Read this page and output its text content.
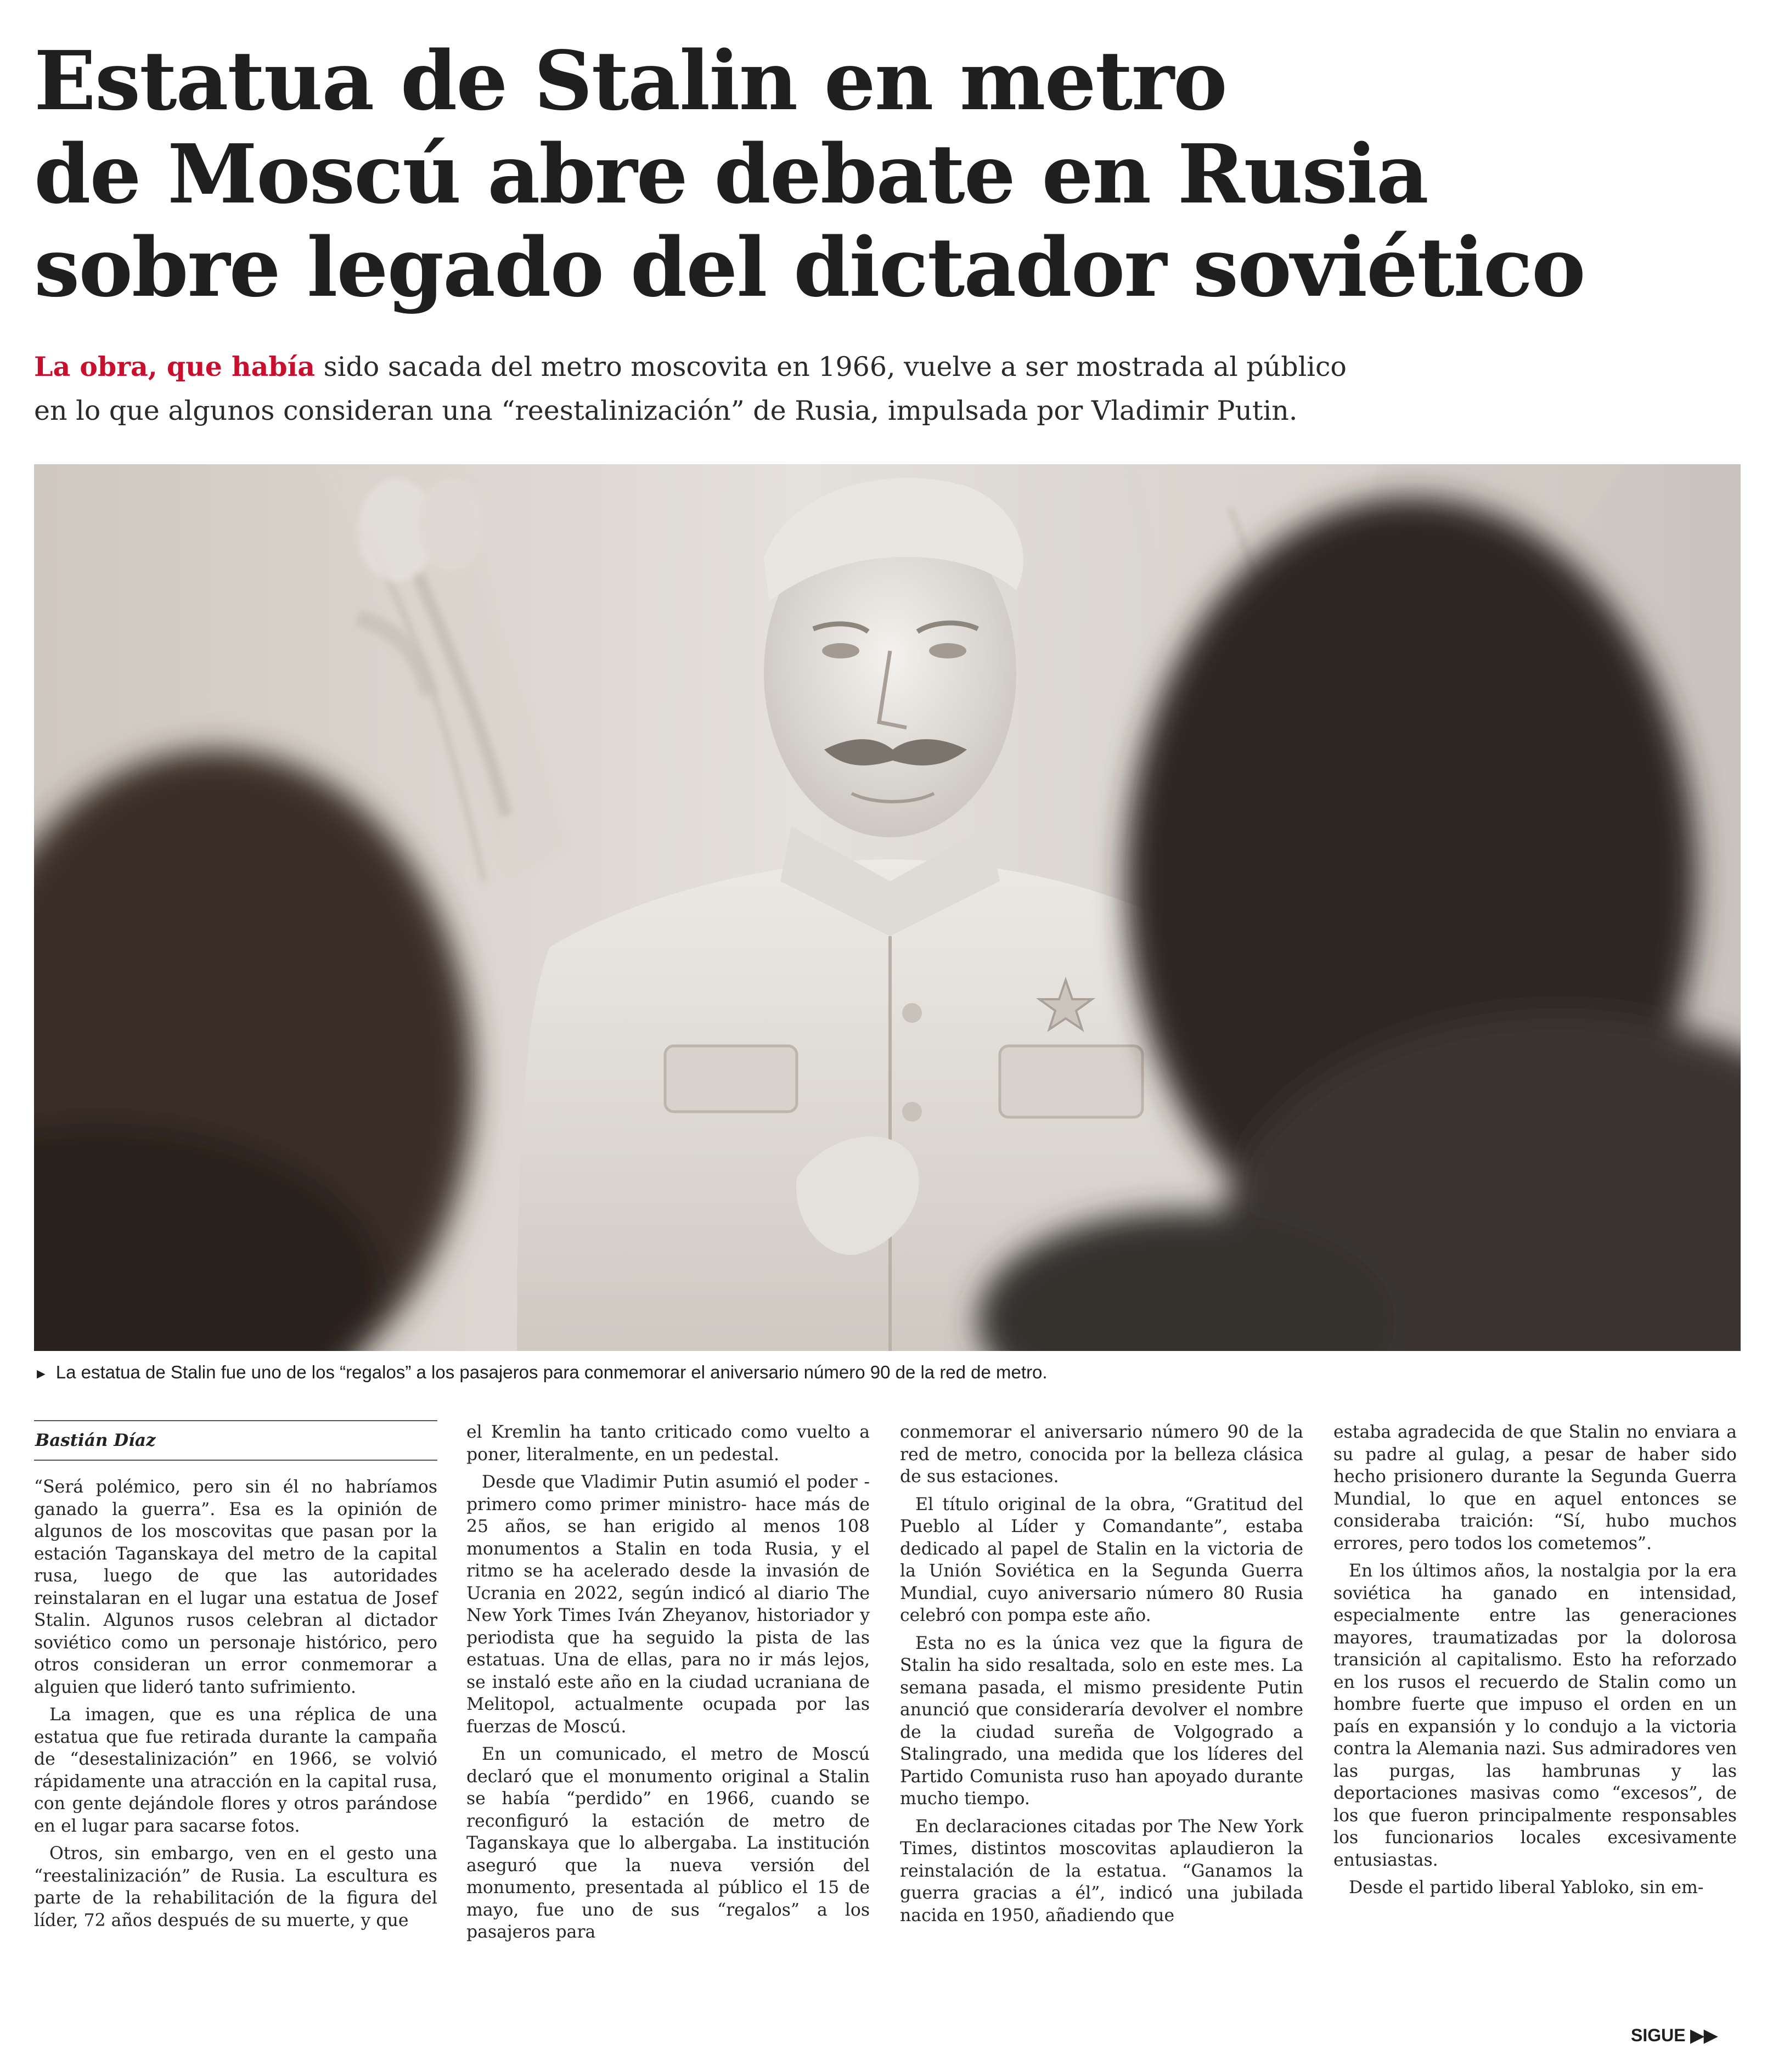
Estatua de Stalin en metro
de Moscú abre debate en Rusia
sobre legado del dictador soviético
La obra, que había sido sacada del metro moscovita en 1966, vuelve a ser mostrada al público
en lo que algunos consideran una “reestalinización” de Rusia, impulsada por Vladimir Putin.
► La estatua de Stalin fue uno de los “regalos” a los pasajeros para conmemorar el aniversario número 90 de la red de metro.
Bastián Díaz

“Será polémico, pero sin él no habríamos ganado la guerra”. Esa es la opinión de algunos de los moscovitas que pasan por la estación Taganskaya del metro de la capital rusa, luego de que las autoridades reinstalaran en el lugar una estatua de Josef Stalin. Algunos rusos celebran al dictador soviético como un personaje histórico, pero otros consideran un error conmemorar a alguien que lideró tanto sufrimiento.

La imagen, que es una réplica de una estatua que fue retirada durante la campaña de “desestalinización” en 1966, se volvió rápidamente una atracción en la capital rusa, con gente dejándole flores y otros parándose en el lugar para sacarse fotos.

Otros, sin embargo, ven en el gesto una “reestalinización” de Rusia. La escultura es parte de la rehabilitación de la figura del líder, 72 años después de su muerte, y que

el Kremlin ha tanto criticado como vuelto a poner, literalmente, en un pedestal.

Desde que Vladimir Putin asumió el poder -primero como primer ministro- hace más de 25 años, se han erigido al menos 108 monumentos a Stalin en toda Rusia, y el ritmo se ha acelerado desde la invasión de Ucrania en 2022, según indicó al diario The New York Times Iván Zheyanov, historiador y periodista que ha seguido la pista de las estatuas. Una de ellas, para no ir más lejos, se instaló este año en la ciudad ucraniana de Melitopol, actualmente ocupada por las fuerzas de Moscú.

En un comunicado, el metro de Moscú declaró que el monumento original a Stalin se había “perdido” en 1966, cuando se reconfiguró la estación de metro de Taganskaya que lo albergaba. La institución aseguró que la nueva versión del monumento, presentada al público el 15 de mayo, fue uno de sus “regalos” a los pasajeros para

conmemorar el aniversario número 90 de la red de metro, conocida por la belleza clásica de sus estaciones.

El título original de la obra, “Gratitud del Pueblo al Líder y Comandante”, estaba dedicado al papel de Stalin en la victoria de la Unión Soviética en la Segunda Guerra Mundial, cuyo aniversario número 80 Rusia celebró con pompa este año.

Esta no es la única vez que la figura de Stalin ha sido resaltada, solo en este mes. La semana pasada, el mismo presidente Putin anunció que consideraría devolver el nombre de la ciudad sureña de Volgogrado a Stalingrado, una medida que los líderes del Partido Comunista ruso han apoyado durante mucho tiempo.

En declaraciones citadas por The New York Times, distintos moscovitas aplaudieron la reinstalación de la estatua. “Ganamos la guerra gracias a él”, indicó una jubilada nacida en 1950, añadiendo que

estaba agradecida de que Stalin no enviara a su padre al gulag, a pesar de haber sido hecho prisionero durante la Segunda Guerra Mundial, lo que en aquel entonces se consideraba traición: “Sí, hubo muchos errores, pero todos los cometemos”.

En los últimos años, la nostalgia por la era soviética ha ganado en intensidad, especialmente entre las generaciones mayores, traumatizadas por la dolorosa transición al capitalismo. Esto ha reforzado en los rusos el recuerdo de Stalin como un hombre fuerte que impuso el orden en un país en expansión y lo condujo a la victoria contra la Alemania nazi. Sus admiradores ven las purgas, las hambrunas y las deportaciones masivas como “excesos”, de los que fueron principalmente responsables los funcionarios locales excesivamente entusiastas.

Desde el partido liberal Yabloko, sin em-

SIGUE ▶▶
